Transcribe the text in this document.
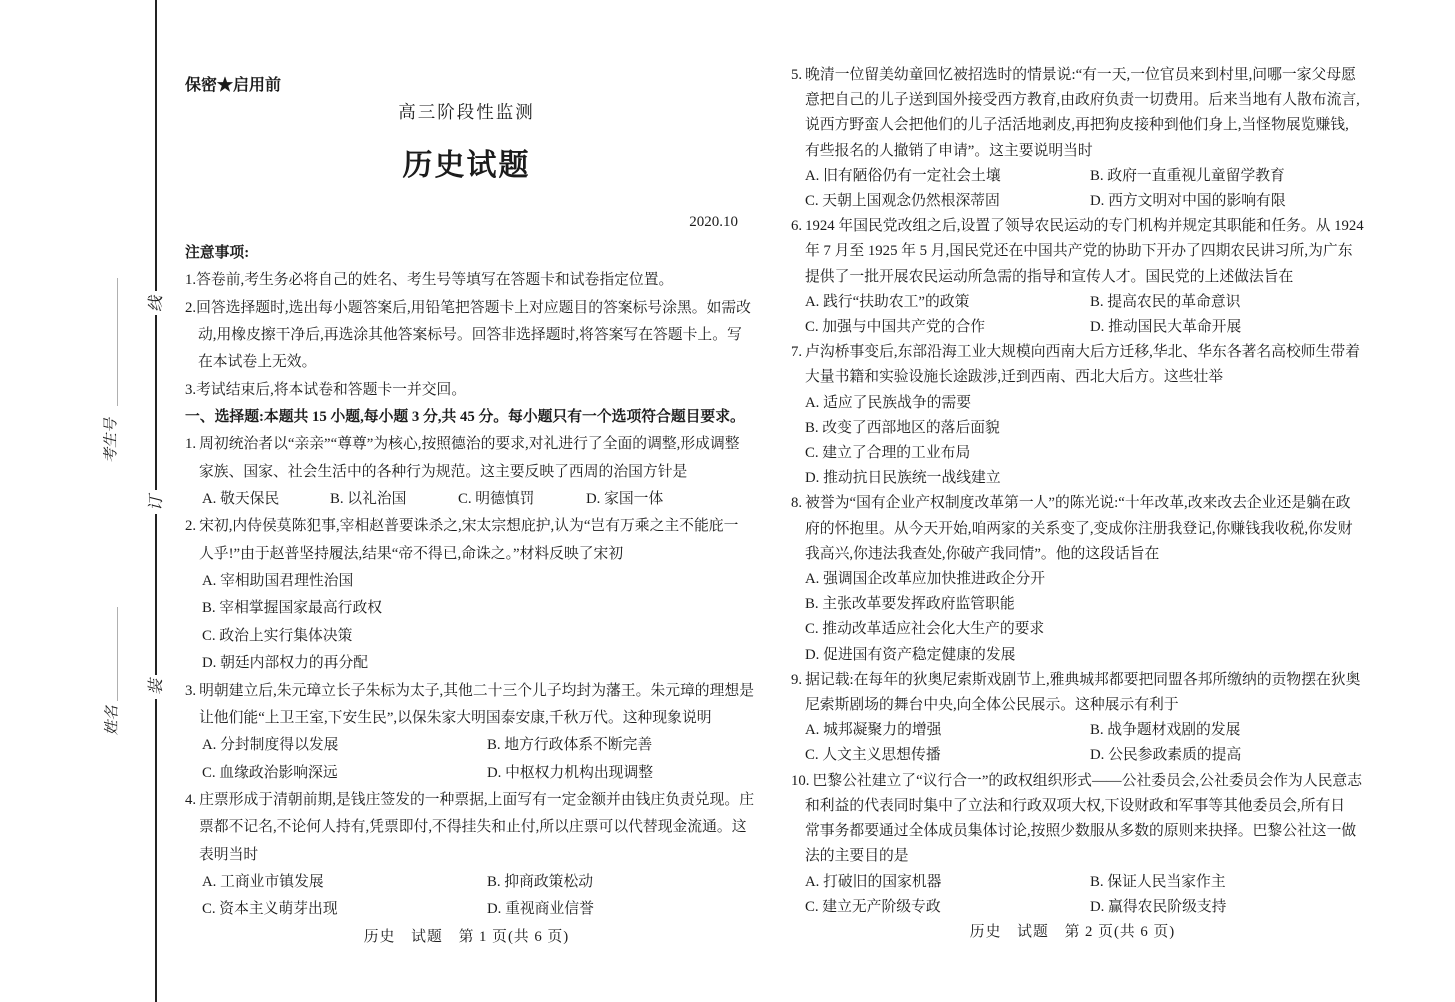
线
订
装
考生号
姓名
保密★启用前
高三阶段性监测
历史试题
2020.10
注意事项:
1.答卷前,考生务必将自己的姓名、考生号等填写在答题卡和试卷指定位置。
2.回答选择题时,选出每小题答案后,用铅笔把答题卡上对应题目的答案标号涂黑。如需改
动,用橡皮擦干净后,再选涂其他答案标号。回答非选择题时,将答案写在答题卡上。写
在本试卷上无效。
3.考试结束后,将本试卷和答题卡一并交回。
一、选择题:本题共 15 小题,每小题 3 分,共 45 分。每小题只有一个选项符合题目要求。
1. 周初统治者以“亲亲”“尊尊”为核心,按照德治的要求,对礼进行了全面的调整,形成调整
家族、国家、社会生活中的各种行为规范。这主要反映了西周的治国方针是
A. 敬天保民	B. 以礼治国	C. 明德慎罚	D. 家国一体
2. 宋初,内侍侯莫陈犯事,宰相赵普要诛杀之,宋太宗想庇护,认为“岂有万乘之主不能庇一
人乎!”由于赵普坚持履法,结果“帝不得已,命诛之。”材料反映了宋初
A. 宰相助国君理性治国
B. 宰相掌握国家最高行政权
C. 政治上实行集体决策
D. 朝廷内部权力的再分配
3. 明朝建立后,朱元璋立长子朱标为太子,其他二十三个儿子均封为藩王。朱元璋的理想是
让他们能“上卫王室,下安生民”,以保朱家大明国泰安康,千秋万代。这种现象说明
A. 分封制度得以发展	B. 地方行政体系不断完善
C. 血缘政治影响深远	D. 中枢权力机构出现调整
4. 庄票形成于清朝前期,是钱庄签发的一种票据,上面写有一定金额并由钱庄负责兑现。庄
票都不记名,不论何人持有,凭票即付,不得挂失和止付,所以庄票可以代替现金流通。这
表明当时
A. 工商业市镇发展	B. 抑商政策松动
C. 资本主义萌芽出现	D. 重视商业信誉
历史　试题　第 1 页(共 6 页)
5. 晚清一位留美幼童回忆被招选时的情景说:“有一天,一位官员来到村里,问哪一家父母愿
意把自己的儿子送到国外接受西方教育,由政府负责一切费用。后来当地有人散布流言,
说西方野蛮人会把他们的儿子活活地剥皮,再把狗皮接种到他们身上,当怪物展览赚钱,
有些报名的人撤销了申请”。这主要说明当时
A. 旧有陋俗仍有一定社会土壤	B. 政府一直重视儿童留学教育
C. 天朝上国观念仍然根深蒂固	D. 西方文明对中国的影响有限
6. 1924 年国民党改组之后,设置了领导农民运动的专门机构并规定其职能和任务。从 1924
年 7 月至 1925 年 5 月,国民党还在中国共产党的协助下开办了四期农民讲习所,为广东
提供了一批开展农民运动所急需的指导和宣传人才。国民党的上述做法旨在
A. 践行“扶助农工”的政策	B. 提高农民的革命意识
C. 加强与中国共产党的合作	D. 推动国民大革命开展
7. 卢沟桥事变后,东部沿海工业大规模向西南大后方迁移,华北、华东各著名高校师生带着
大量书籍和实验设施长途跋涉,迁到西南、西北大后方。这些壮举
A. 适应了民族战争的需要
B. 改变了西部地区的落后面貌
C. 建立了合理的工业布局
D. 推动抗日民族统一战线建立
8. 被誉为“国有企业产权制度改革第一人”的陈光说:“十年改革,改来改去企业还是躺在政
府的怀抱里。从今天开始,咱两家的关系变了,变成你注册我登记,你赚钱我收税,你发财
我高兴,你违法我查处,你破产我同情”。他的这段话旨在
A. 强调国企改革应加快推进政企分开
B. 主张改革要发挥政府监管职能
C. 推动改革适应社会化大生产的要求
D. 促进国有资产稳定健康的发展
9. 据记载:在每年的狄奥尼索斯戏剧节上,雅典城邦都要把同盟各邦所缴纳的贡物摆在狄奥
尼索斯剧场的舞台中央,向全体公民展示。这种展示有利于
A. 城邦凝聚力的增强	B. 战争题材戏剧的发展
C. 人文主义思想传播	D. 公民参政素质的提高
10. 巴黎公社建立了“议行合一”的政权组织形式——公社委员会,公社委员会作为人民意志
和利益的代表同时集中了立法和行政双项大权,下设财政和军事等其他委员会,所有日
常事务都要通过全体成员集体讨论,按照少数服从多数的原则来抉择。巴黎公社这一做
法的主要目的是
A. 打破旧的国家机器	B. 保证人民当家作主
C. 建立无产阶级专政	D. 赢得农民阶级支持
历史　试题　第 2 页(共 6 页)
